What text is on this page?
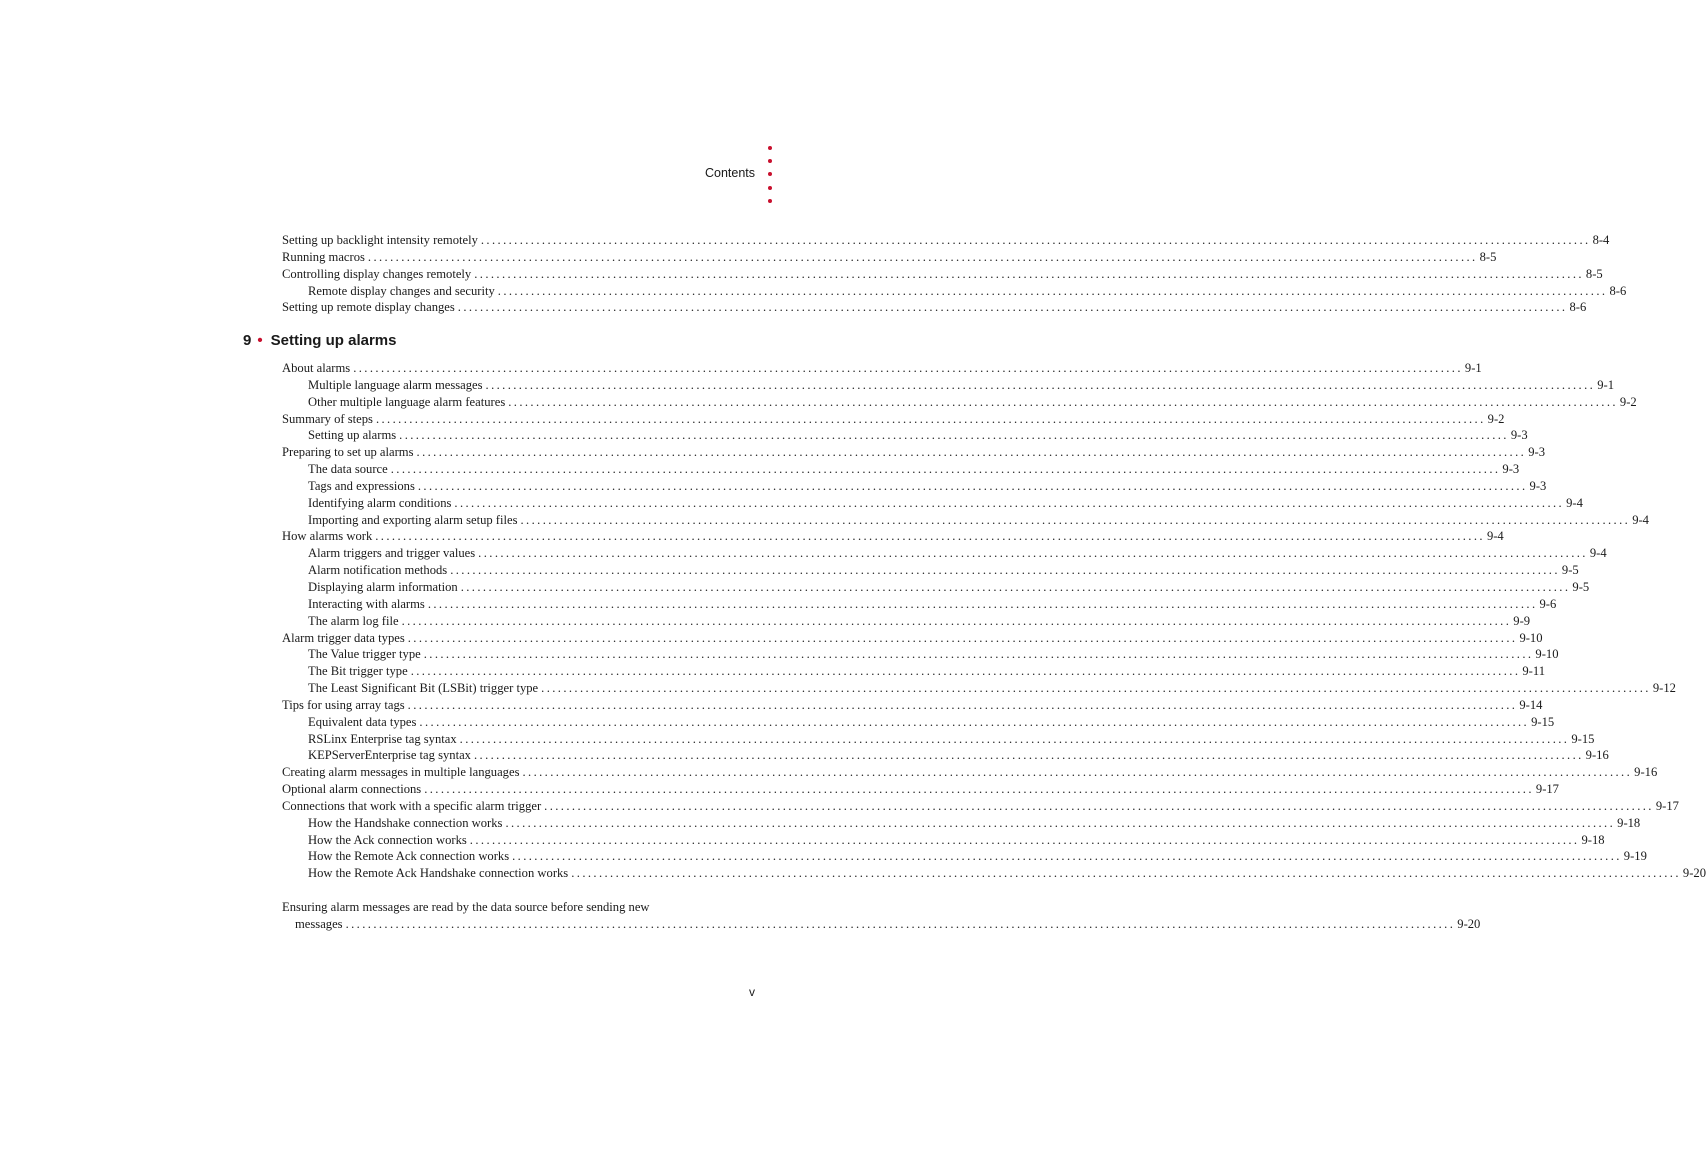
Contents
Setting up backlight intensity remotely ........................................................................................................................................................................................................ 8-4
Running macros ........................................................................................................................................................................................................ 8-5
Controlling display changes remotely ........................................................................................................................................................................................................ 8-5
Remote display changes and security ........................................................................................................................................................................................................ 8-6
Setting up remote display changes ........................................................................................................................................................................................................ 8-6
9 • Setting up alarms
About alarms ........................................................................................................................................................................................................ 9-1
Multiple language alarm messages ........................................................................................................................................................................................................ 9-1
Other multiple language alarm features ........................................................................................................................................................................................................ 9-2
Summary of steps ........................................................................................................................................................................................................ 9-2
Setting up alarms ........................................................................................................................................................................................................ 9-3
Preparing to set up alarms ........................................................................................................................................................................................................ 9-3
The data source ........................................................................................................................................................................................................ 9-3
Tags and expressions ........................................................................................................................................................................................................ 9-3
Identifying alarm conditions ........................................................................................................................................................................................................ 9-4
Importing and exporting alarm setup files ........................................................................................................................................................................................................ 9-4
How alarms work ........................................................................................................................................................................................................ 9-4
Alarm triggers and trigger values ........................................................................................................................................................................................................ 9-4
Alarm notification methods ........................................................................................................................................................................................................ 9-5
Displaying alarm information ........................................................................................................................................................................................................ 9-5
Interacting with alarms ........................................................................................................................................................................................................ 9-6
The alarm log file ........................................................................................................................................................................................................ 9-9
Alarm trigger data types ........................................................................................................................................................................................................ 9-10
The Value trigger type ........................................................................................................................................................................................................ 9-10
The Bit trigger type ........................................................................................................................................................................................................ 9-11
The Least Significant Bit (LSBit) trigger type ........................................................................................................................................................................................................ 9-12
Tips for using array tags ........................................................................................................................................................................................................ 9-14
Equivalent data types ........................................................................................................................................................................................................ 9-15
RSLinx Enterprise tag syntax ........................................................................................................................................................................................................ 9-15
KEPServerEnterprise tag syntax ........................................................................................................................................................................................................ 9-16
Creating alarm messages in multiple languages ........................................................................................................................................................................................................ 9-16
Optional alarm connections ........................................................................................................................................................................................................ 9-17
Connections that work with a specific alarm trigger ........................................................................................................................................................................................................ 9-17
How the Handshake connection works ........................................................................................................................................................................................................ 9-18
How the Ack connection works ........................................................................................................................................................................................................ 9-18
How the Remote Ack connection works ........................................................................................................................................................................................................ 9-19
How the Remote Ack Handshake connection works ........................................................................................................................................................................................................ 9-20
Ensuring alarm messages are read by the data source before sending new
messages ........................................................................................................................................................................................................ 9-20
v
